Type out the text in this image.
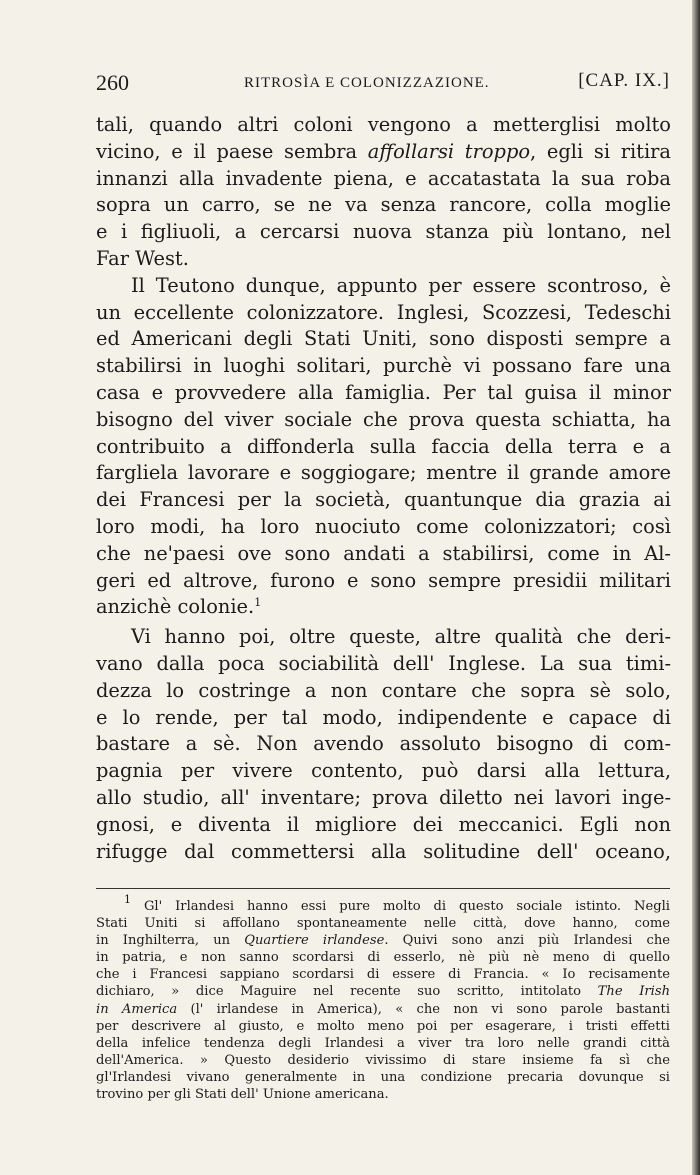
260	RITROSÌA E COLONIZZAZIONE.	[CAP. IX.]
tali, quando altri coloni vengono a metterglisi molto
vicino, e il paese sembra affollarsi troppo, egli si ritira
innanzi alla invadente piena, e accatastata la sua roba
sopra un carro, se ne va senza rancore, colla moglie
e i figliuoli, a cercarsi nuova stanza più lontano, nel
Far West.
Il Teutono dunque, appunto per essere scontroso, è
un eccellente colonizzatore. Inglesi, Scozzesi, Tedeschi
ed Americani degli Stati Uniti, sono disposti sempre a
stabilirsi in luoghi solitari, purchè vi possano fare una
casa e provvedere alla famiglia. Per tal guisa il minor
bisogno del viver sociale che prova questa schiatta, ha
contribuito a diffonderla sulla faccia della terra e a
fargliela lavorare e soggiogare; mentre il grande amore
dei Francesi per la società, quantunque dia grazia ai
loro modi, ha loro nuociuto come colonizzatori; così
che ne'paesi ove sono andati a stabilirsi, come in Al-
geri ed altrove, furono e sono sempre presidii militari
anzichè colonie.$^1$
Vi hanno poi, oltre queste, altre qualità che deri-
vano dalla poca sociabilità dell' Inglese. La sua timi-
dezza lo costringe a non contare che sopra sè solo,
e lo rende, per tal modo, indipendente e capace di
bastare a sè. Non avendo assoluto bisogno di com-
pagnia per vivere contento, può darsi alla lettura,
allo studio, all' inventare; prova diletto nei lavori inge-
gnosi, e diventa il migliore dei meccanici. Egli non
rifugge dal commettersi alla solitudine dell' oceano,
$^1$ Gl' Irlandesi hanno essi pure molto di questo sociale istinto. Negli
Stati Uniti si affollano spontaneamente nelle città, dove hanno, come
in Inghilterra, un Quartiere irlandese. Quivi sono anzi più Irlandesi che
in patria, e non sanno scordarsi di esserlo, nè più nè meno di quello
che i Francesi sappiano scordarsi di essere di Francia. « Io recisamente
dichiaro, » dice Maguire nel recente suo scritto, intitolato The Irish
in America (l' irlandese in America), « che non vi sono parole bastanti
per descrivere al giusto, e molto meno poi per esagerare, i tristi effetti
della infelice tendenza degli Irlandesi a viver tra loro nelle grandi città
dell'America. » Questo desiderio vivissimo di stare insieme fa sì che
gl'Irlandesi vivano generalmente in una condizione precaria dovunque si
trovino per gli Stati dell' Unione americana.
